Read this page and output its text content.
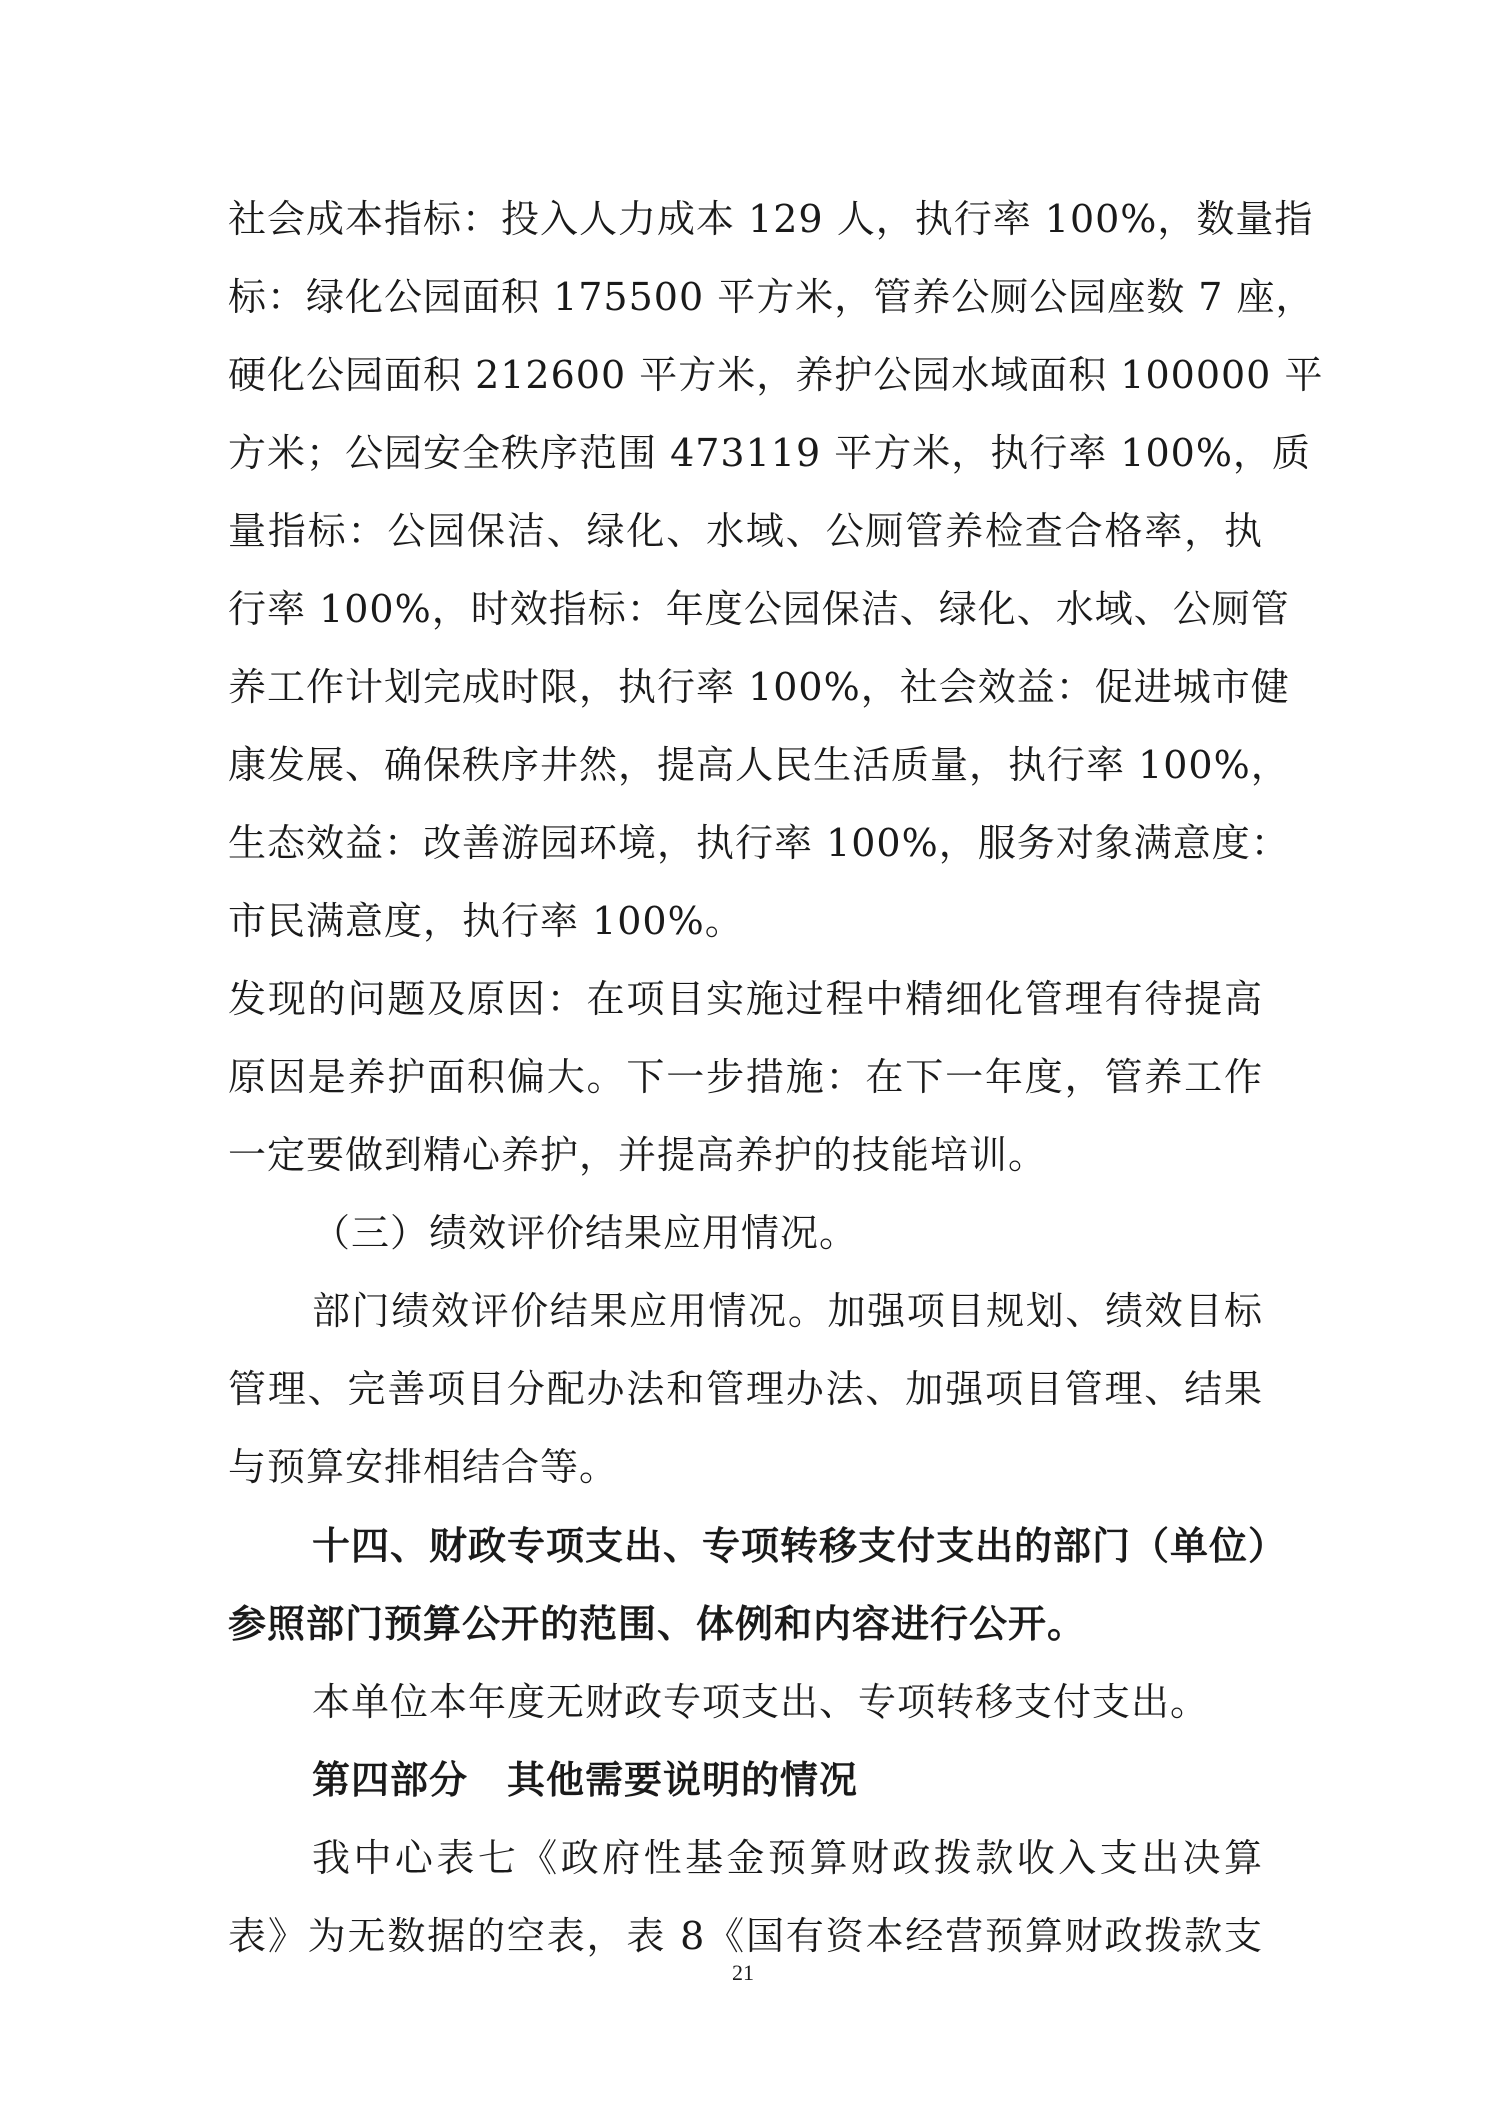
社会成本指标：投入人力成本 129 人，执行率 100%，数量指
标：绿化公园面积 175500 平方米，管养公厕公园座数 7 座，
硬化公园面积 212600 平方米，养护公园水域面积 100000 平
方米；公园安全秩序范围 473119 平方米，执行率 100%，质
量指标：公园保洁、绿化、水域、公厕管养检查合格率，执
行率 100%，时效指标：年度公园保洁、绿化、水域、公厕管
养工作计划完成时限，执行率 100%，社会效益：促进城市健
康发展、确保秩序井然，提高人民生活质量，执行率 100%，
生态效益：改善游园环境，执行率 100%，服务对象满意度：
市民满意度，执行率 100%。
发现的问题及原因：在项目实施过程中精细化管理有待提高
原因是养护面积偏大。下一步措施：在下一年度，管养工作
一定要做到精心养护，并提高养护的技能培训。
（三）绩效评价结果应用情况。
部门绩效评价结果应用情况。加强项目规划、绩效目标
管理、完善项目分配办法和管理办法、加强项目管理、结果
与预算安排相结合等。
十四、财政专项支出、专项转移支付支出的部门（单位）
参照部门预算公开的范围、体例和内容进行公开。
本单位本年度无财政专项支出、专项转移支付支出。
第四部分　其他需要说明的情况
我中心表七《政府性基金预算财政拨款收入支出决算
表》为无数据的空表，表 8《国有资本经营预算财政拨款支
21
